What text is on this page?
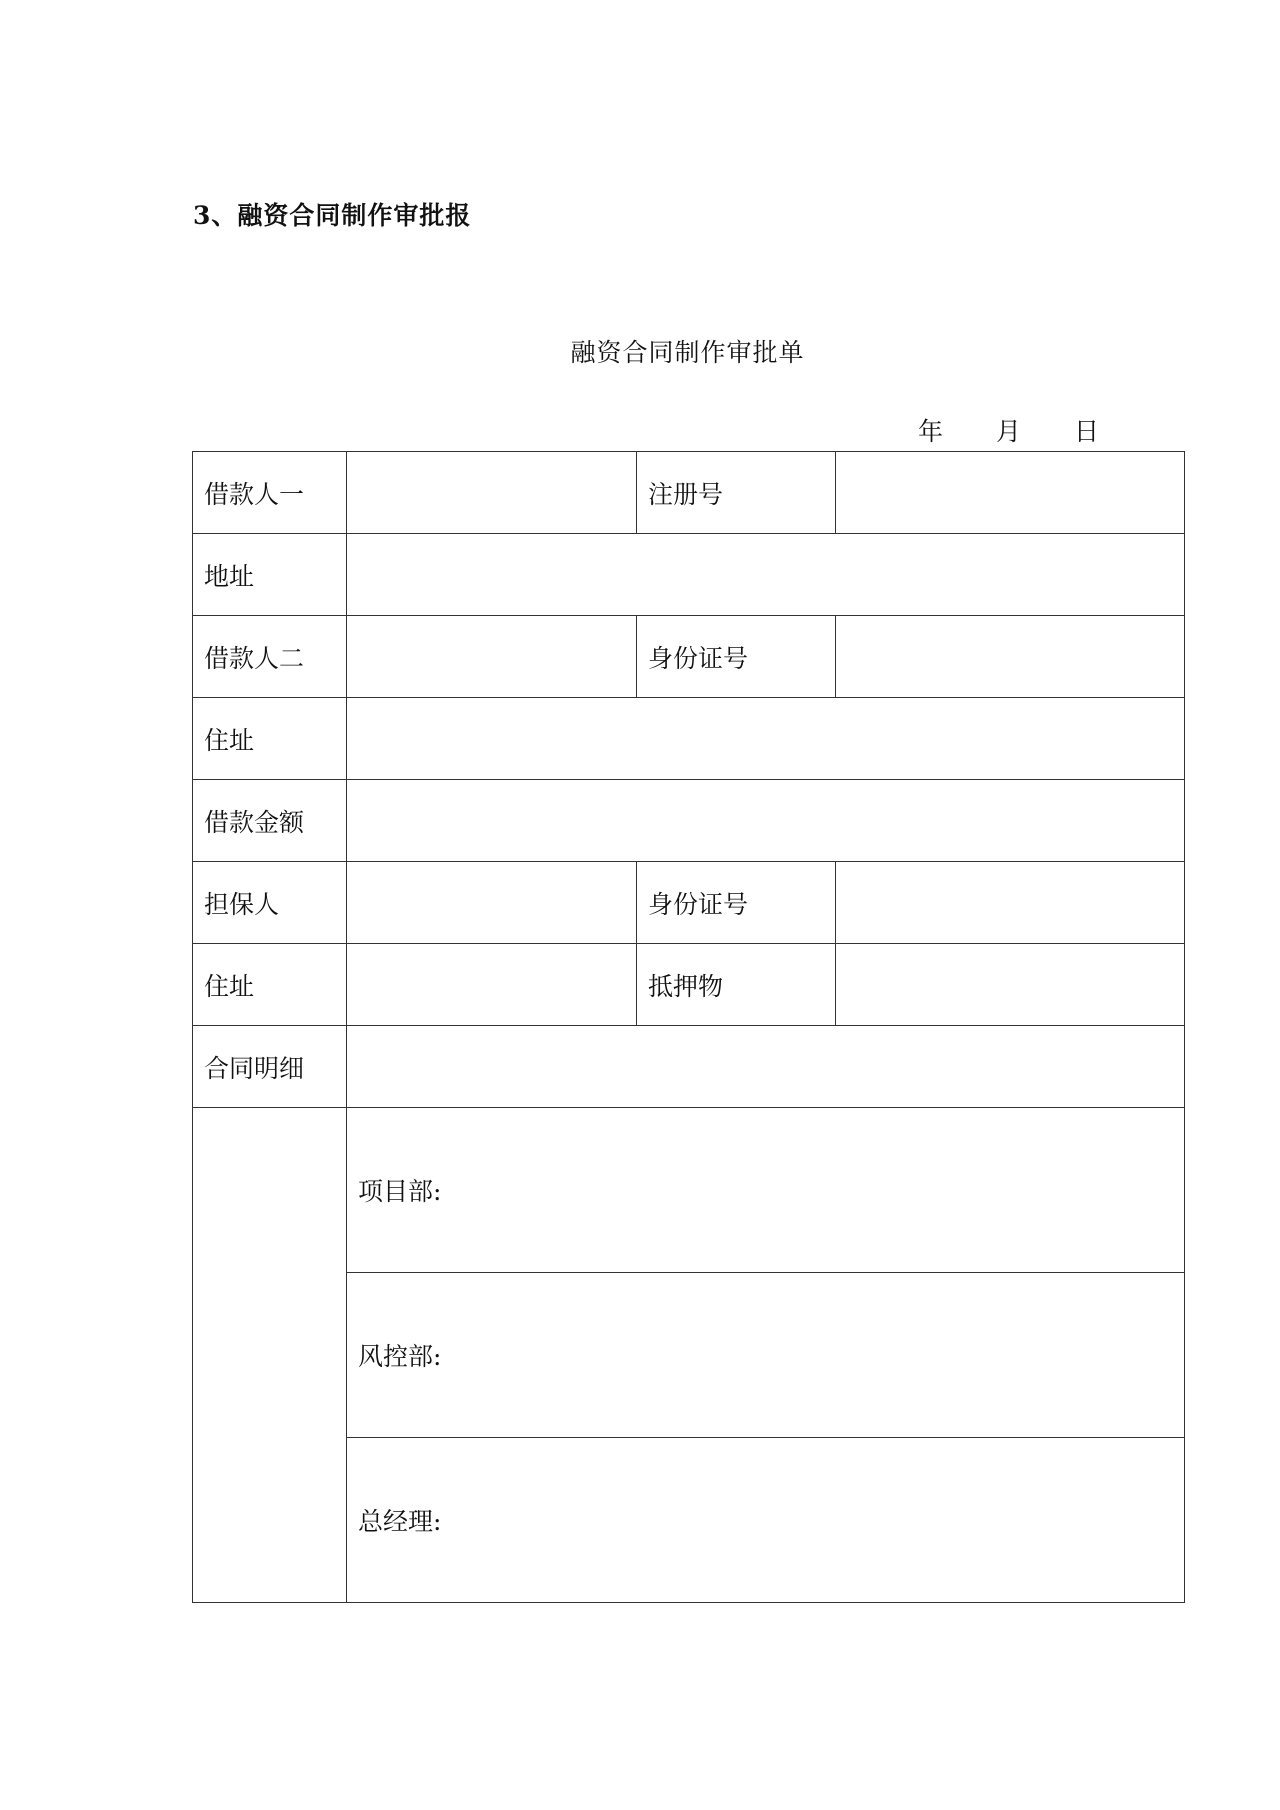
3、融资合同制作审批报
融资合同制作审批单
年 月 日
借款人一		注册号	

地址			

借款人二		身份证号	

住址			

借款金额			

担保人		身份证号	

住址		抵押物	

合同明细			

	项目部:		
	风控部:		
	总经理:		
